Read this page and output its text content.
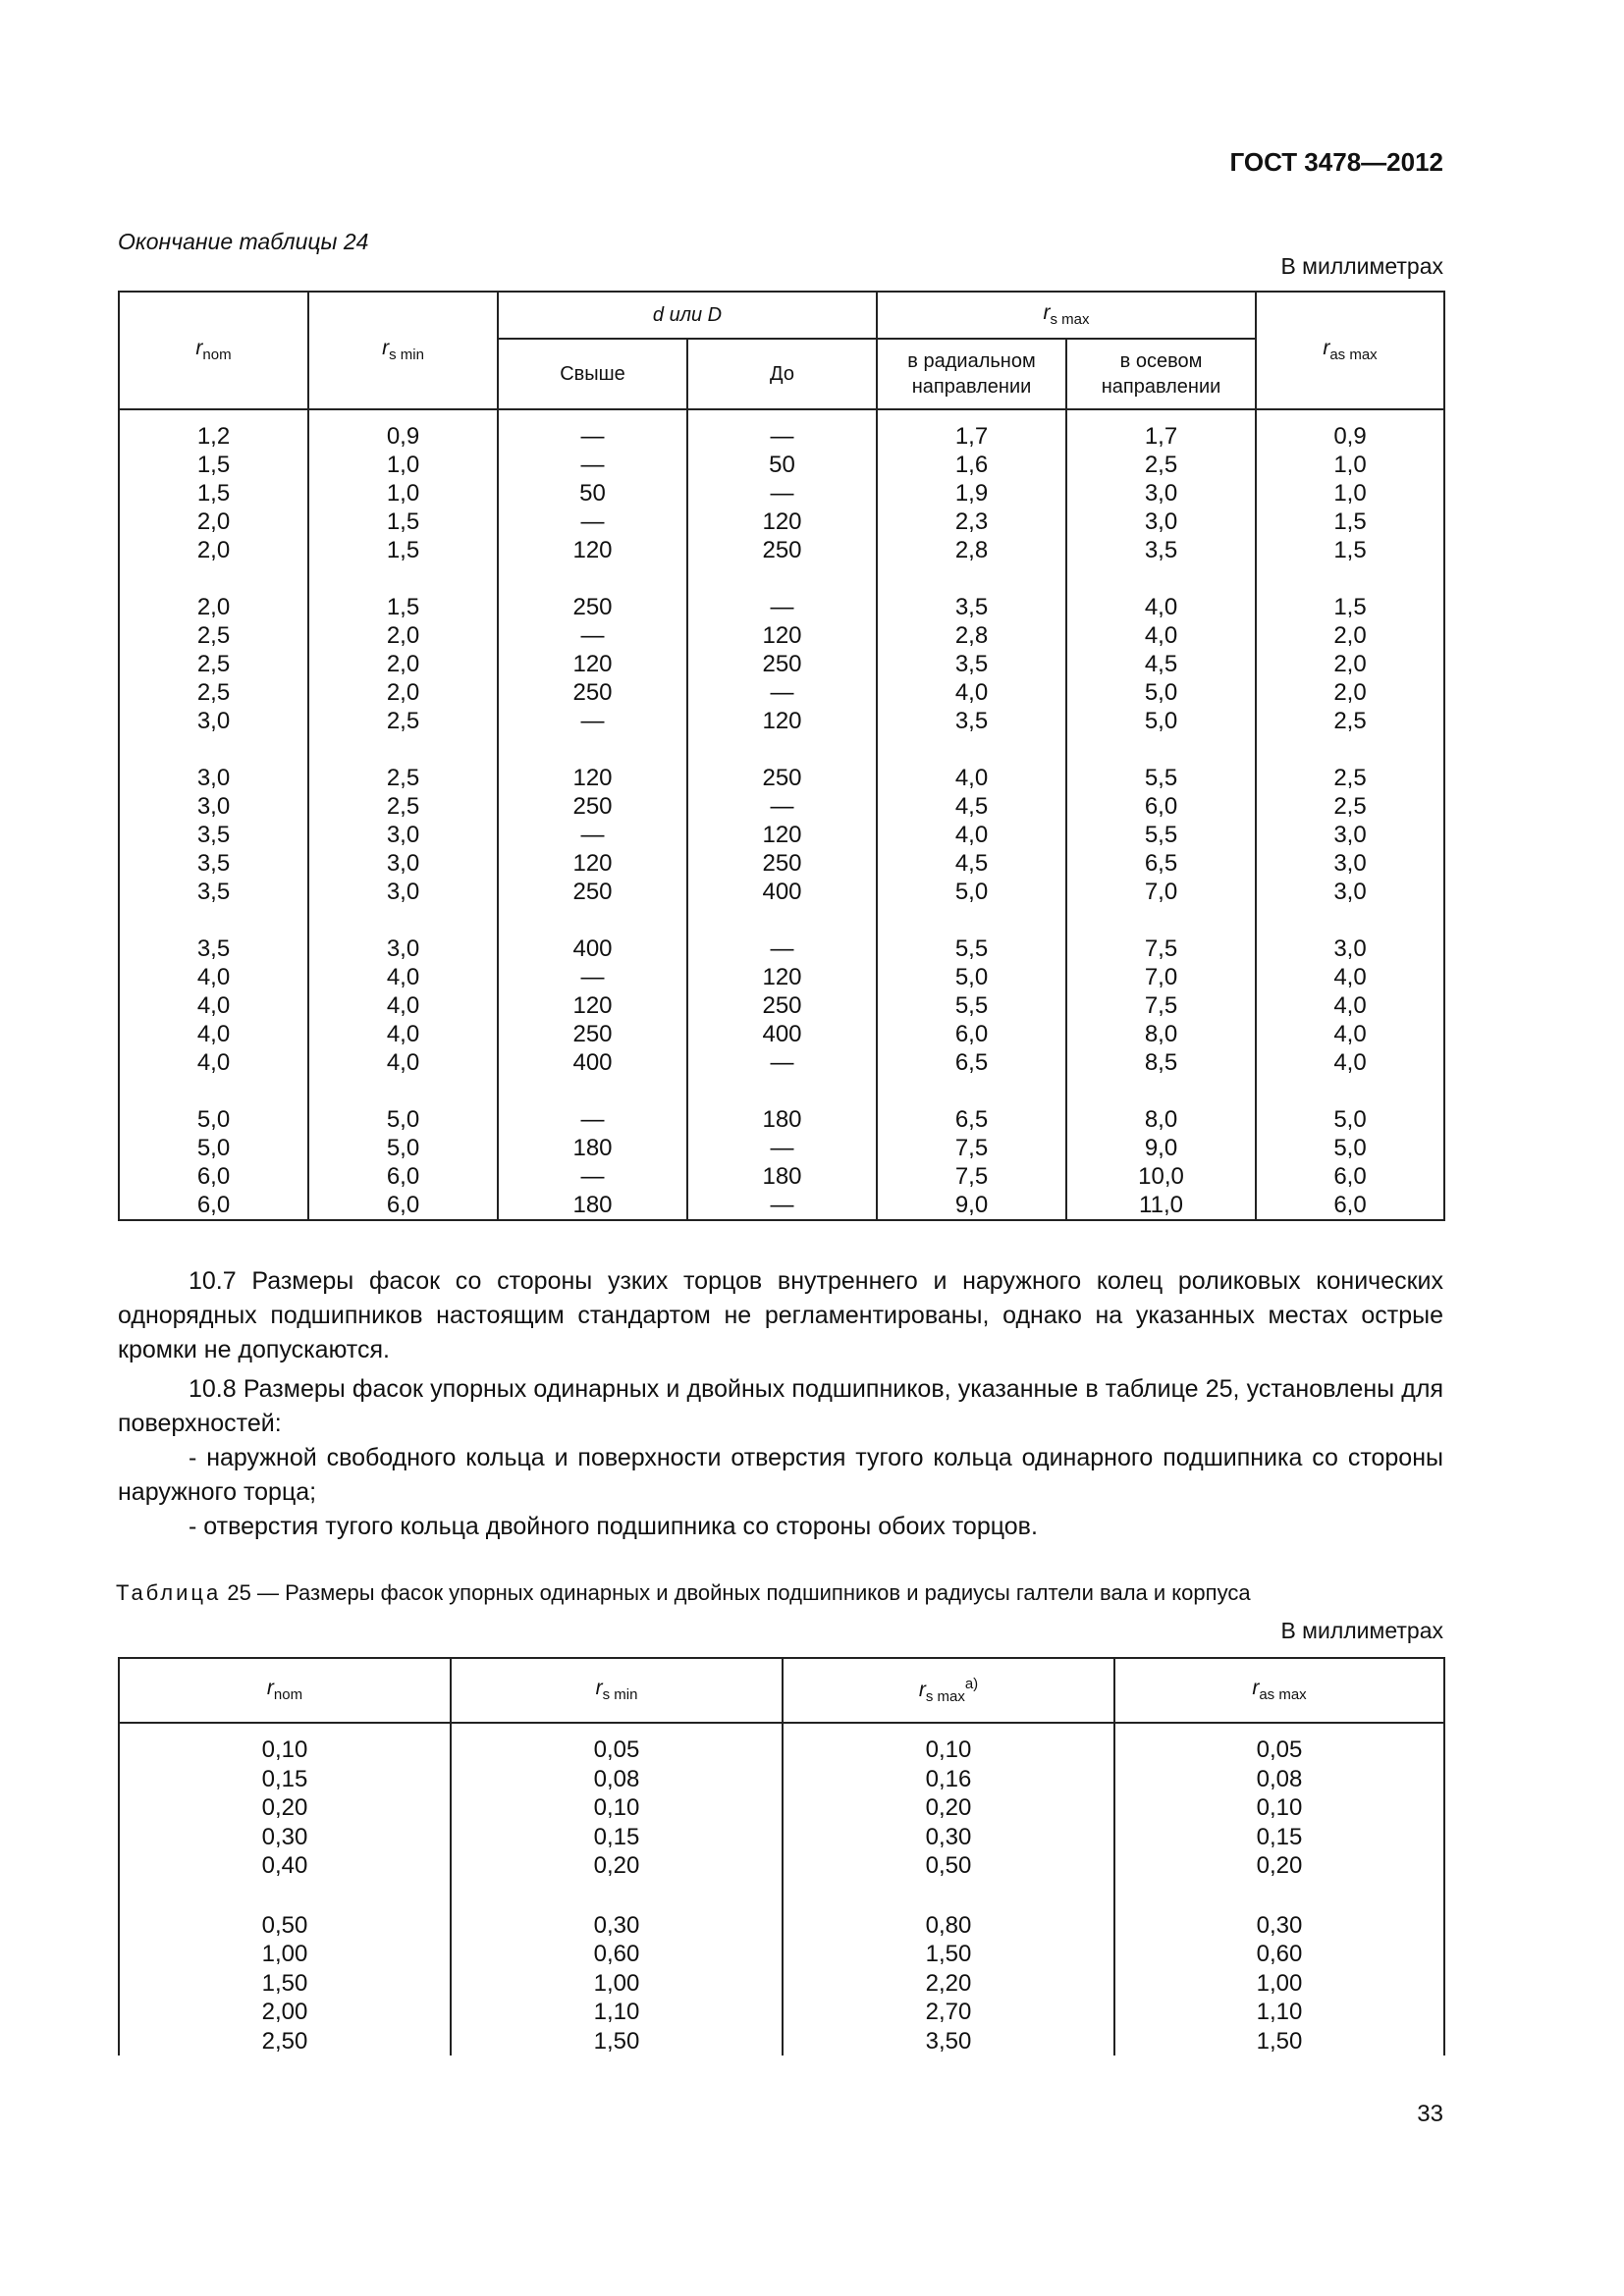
ГОСТ 3478—2012
Окончание таблицы 24
В миллиметрах
$r_{nom}$	$r_{s min}$	d или D		$r_{s max}$		$r_{as max}$
		Свыше	До	в радиальном направлении	в осевом направлении	
1,2	0,9	—	—	1,7	1,7	0,9
1,5	1,0	—	50	1,6	2,5	1,0
1,5	1,0	50	—	1,9	3,0	1,0
2,0	1,5	—	120	2,3	3,0	1,5
2,0	1,5	120	250	2,8	3,5	1,5

2,0	1,5	250	—	3,5	4,0	1,5
2,5	2,0	—	120	2,8	4,0	2,0
2,5	2,0	120	250	3,5	4,5	2,0
2,5	2,0	250	—	4,0	5,0	2,0
3,0	2,5	—	120	3,5	5,0	2,5

3,0	2,5	120	250	4,0	5,5	2,5
3,0	2,5	250	—	4,5	6,0	2,5
3,5	3,0	—	120	4,0	5,5	3,0
3,5	3,0	120	250	4,5	6,5	3,0
3,5	3,0	250	400	5,0	7,0	3,0

3,5	3,0	400	—	5,5	7,5	3,0
4,0	4,0	—	120	5,0	7,0	4,0
4,0	4,0	120	250	5,5	7,5	4,0
4,0	4,0	250	400	6,0	8,0	4,0
4,0	4,0	400	—	6,5	8,5	4,0

5,0	5,0	—	180	6,5	8,0	5,0
5,0	5,0	180	—	7,5	9,0	5,0
6,0	6,0	—	180	7,5	10,0	6,0
6,0	6,0	180	—	9,0	11,0	6,0
10.7 Размеры фасок со стороны узких торцов внутреннего и наружного колец роликовых конических однорядных подшипников настоящим стандартом не регламентированы, однако на указанных местах острые кромки не допускаются.
10.8 Размеры фасок упорных одинарных и двойных подшипников, указанные в таблице 25, установлены для поверхностей:
- наружной свободного кольца и поверхности отверстия тугого кольца одинарного подшипника со стороны наружного торца;
- отверстия тугого кольца двойного подшипника со стороны обоих торцов.
Таблица 25 — Размеры фасок упорных одинарных и двойных подшипников и радиусы галтели вала и корпуса
В миллиметрах
$r_{nom}$	$r_{s min}$	$r_{s max}^{а)}$	$r_{as max}$
0,10	0,05	0,10	0,05
0,15	0,08	0,16	0,08
0,20	0,10	0,20	0,10
0,30	0,15	0,30	0,15
0,40	0,20	0,50	0,20

0,50	0,30	0,80	0,30
1,00	0,60	1,50	0,60
1,50	1,00	2,20	1,00
2,00	1,10	2,70	1,10
2,50	1,50	3,50	1,50
33
